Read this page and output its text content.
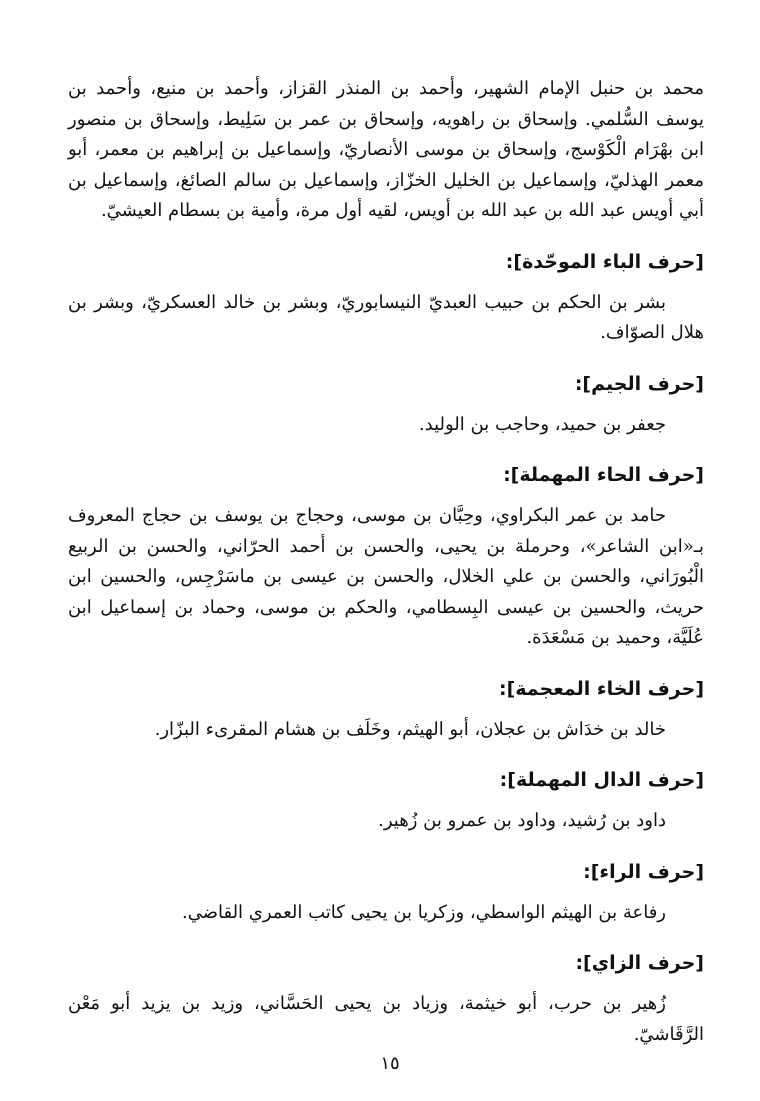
محمد بن حنبل الإمام الشهير، وأحمد بن المنذر القزاز، وأحمد بن منيع، وأحمد بن يوسف السُّلمي. وإسحاق بن راهويه، وإسحاق بن عمر بن سَلِيط، وإسحاق بن منصور ابن بهْرَام الْكَوْسج، وإسحاق بن موسى الأنصاريّ، وإسماعيل بن إبراهيم بن معمر، أبو معمر الهذليّ، وإسماعيل بن الخليل الخزّاز، وإسماعيل بن سالم الصائغ، وإسماعيل بن أبي أويس عبد الله بن عبد الله بن أويس، لقيه أول مرة، وأمية بن بسطام العيشيّ.

[حرف الباء الموحّدة]:

بشر بن الحكم بن حبيب العبديّ النيسابوريّ، وبشر بن خالد العسكريّ، وبشر بن هلال الصوّاف.

[حرف الجيم]:

جعفر بن حميد، وحاجب بن الوليد.

[حرف الحاء المهملة]:

حامد بن عمر البكراوي، وحِبَّان بن موسى، وحجاج بن يوسف بن حجاج المعروف بـ«ابن الشاعر»، وحرملة بن يحيى، والحسن بن أحمد الحرّاني، والحسن بن الربيع الْبُورَاني، والحسن بن علي الخلال، والحسن بن عيسى بن ماسَرْجِس، والحسين ابن حريث، والحسين بن عيسى البِسطامي، والحكم بن موسى، وحماد بن إسماعيل ابن عُلَيَّة، وحميد بن مَسْعَدَة.

[حرف الخاء المعجمة]:

خالد بن خدَاش بن عجلان، أبو الهيثم، وخَلَف بن هشام المقرىء البزّار.

[حرف الدال المهملة]:

داود بن رُشيد، وداود بن عمرو بن زُهير.

[حرف الراء]:

رفاعة بن الهيثم الواسطي، وزكريا بن يحيى كاتب العمري القاضي.

[حرف الزاي]:

زُهير بن حرب، أبو خيثمة، وزياد بن يحيى الحَسَّاني، وزيد بن يزيد أبو مَعْن الرَّقَاشيّ.

١٥
